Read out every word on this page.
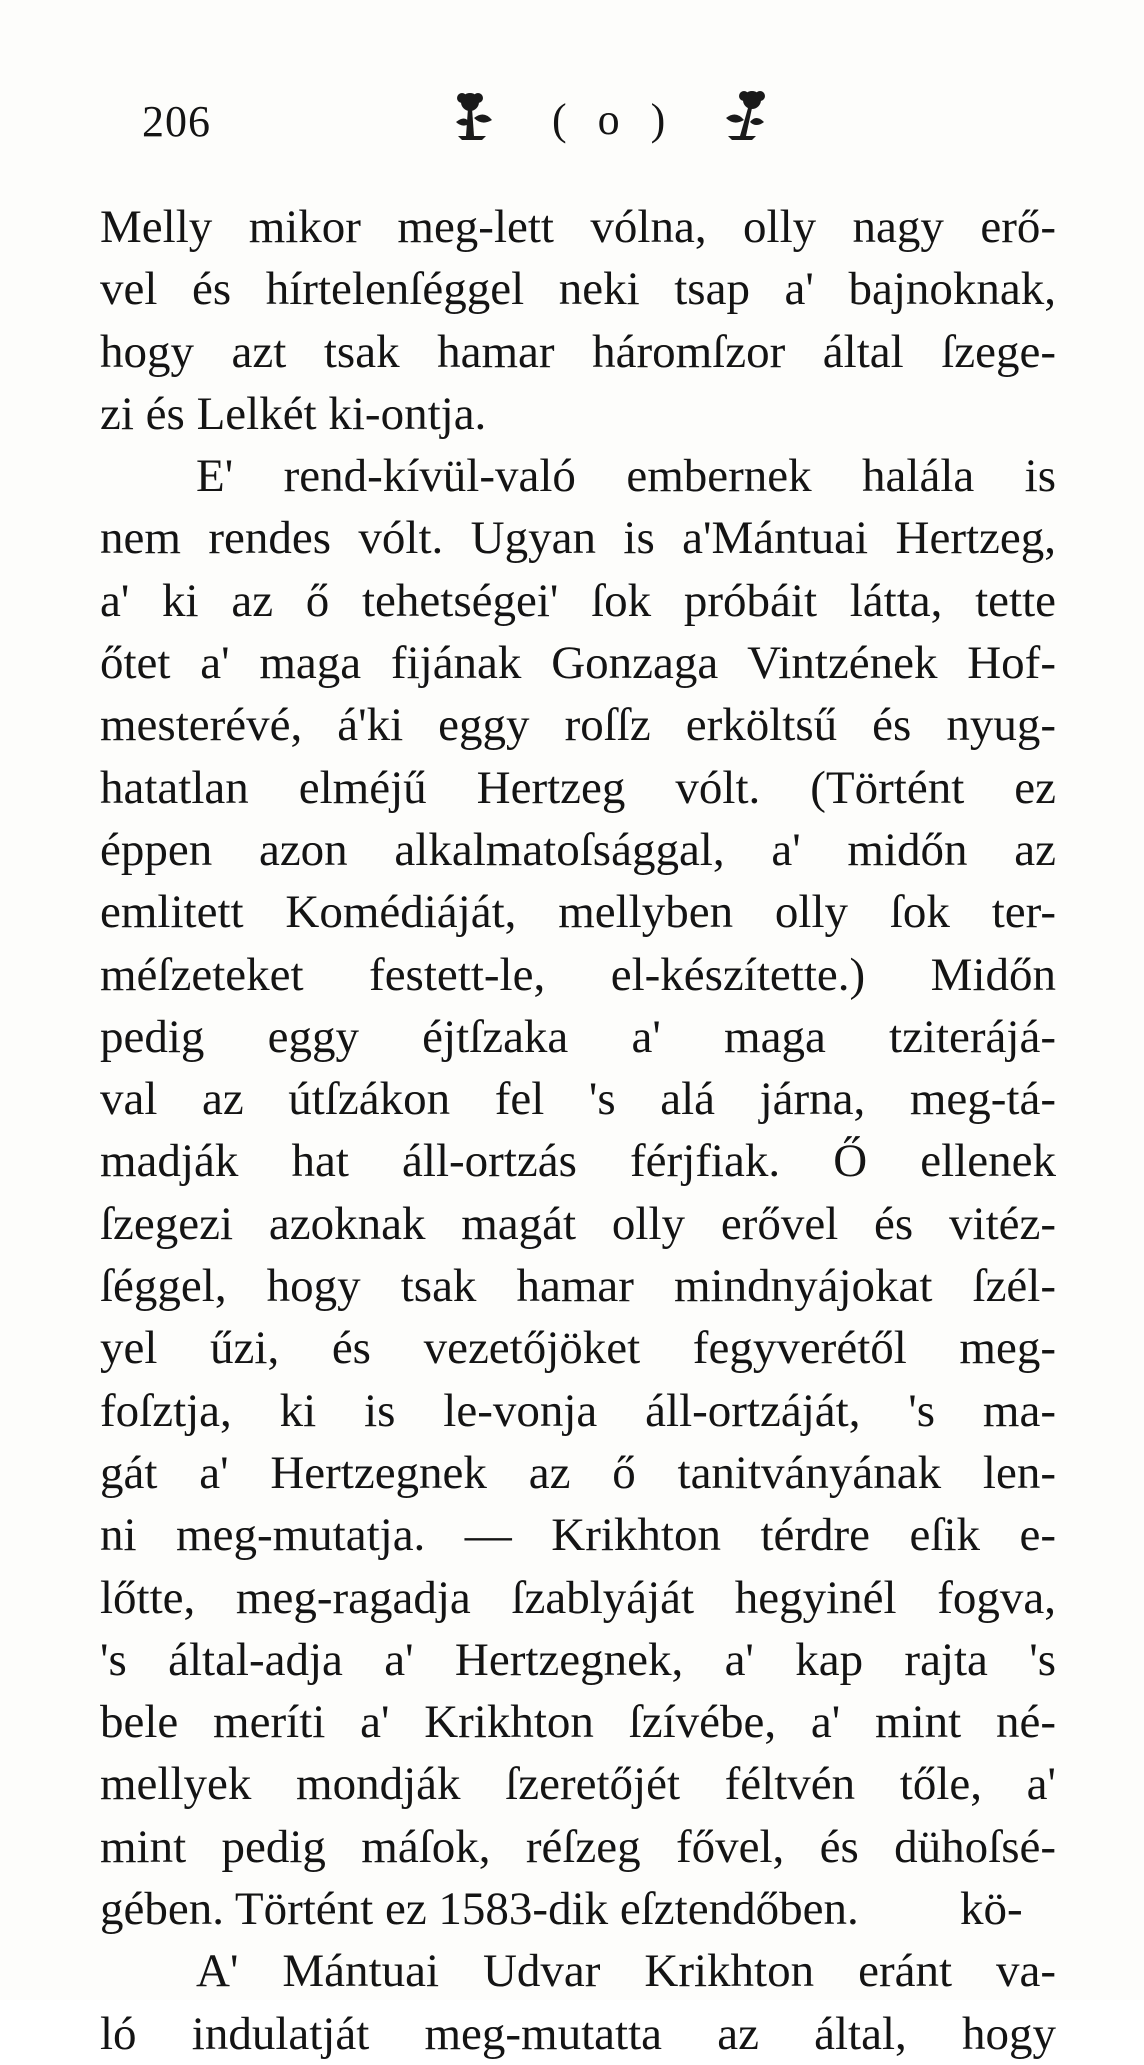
206	( o )
Melly mikor meg-lett vólna, olly nagy erő-
vel és hírtelenſéggel neki tsap a' bajnoknak,
hogy azt tsak hamar háromſzor által ſzege-
zi és Lelkét ki-ontja.
E' rend-kívül-való embernek halála is
nem rendes vólt. Ugyan is a'Mántuai Hertzeg,
a' ki az ő tehetségei' ſok próbáit látta, tette
őtet a' maga fijának Gonzaga Vintzének Hof-
mesterévé, á'ki eggy roſſz erköltsű és nyug-
hatatlan elméjű Hertzeg vólt. (Történt ez
éppen azon alkalmatoſsággal, a' midőn az
emlitett Komédiáját, mellyben olly ſok ter-
méſzeteket festett-le, el-készítette.) Midőn
pedig eggy éjtſzaka a' maga tziterájá-
val az útſzákon fel 's alá járna, meg-tá-
madják hat áll-ortzás férjfiak. Ő ellenek
ſzegezi azoknak magát olly erővel és vitéz-
ſéggel, hogy tsak hamar mindnyájokat ſzél-
yel űzi, és vezetőjöket fegyverétől meg-
foſztja, ki is le-vonja áll-ortzáját, 's ma-
gát a' Hertzegnek az ő tanitványának len-
ni meg-mutatja. — Krikhton térdre eſik e-
lőtte, meg-ragadja ſzablyáját hegyinél fogva,
's által-adja a' Hertzegnek, a' kap rajta 's
bele meríti a' Krikhton ſzívébe, a' mint né-
mellyek mondják ſzeretőjét féltvén tőle, a'
mint pedig máſok, réſzeg fővel, és dühoſsé-
gében. Történt ez 1583-dik eſztendőben.
A' Mántuai Udvar Krikhton eránt va-
ló indulatját meg-mutatta az által, hogy
kö-
